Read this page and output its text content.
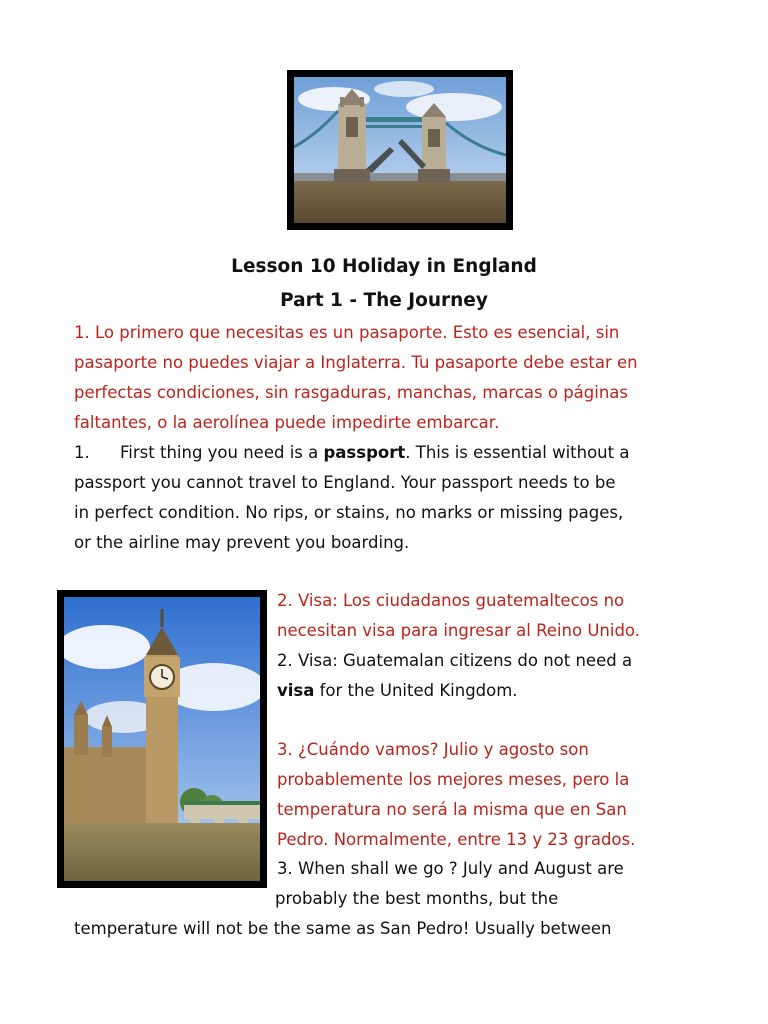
Lesson 10 Holiday in England
Part 1 - The Journey
1. Lo primero que necesitas es un pasaporte. Esto es esencial, sin
pasaporte no puedes viajar a Inglaterra. Tu pasaporte debe estar en
perfectas condiciones, sin rasgaduras, manchas, marcas o páginas
faltantes, o la aerolínea puede impedirte embarcar.
1. First thing you need is a passport. This is essential without a
passport you cannot travel to England. Your passport needs to be
in perfect condition. No rips, or stains, no marks or missing pages,
or the airline may prevent you boarding.
2. Visa: Los ciudadanos guatemaltecos no
necesitan visa para ingresar al Reino Unido.
2. Visa: Guatemalan citizens do not need a
visa for the United Kingdom.
3. ¿Cuándo vamos? Julio y agosto son
probablemente los mejores meses, pero la
temperatura no será la misma que en San
Pedro. Normalmente, entre 13 y 23 grados.
3. When shall we go ? July and August are
probably the best months, but the
temperature will not be the same as San Pedro! Usually between
